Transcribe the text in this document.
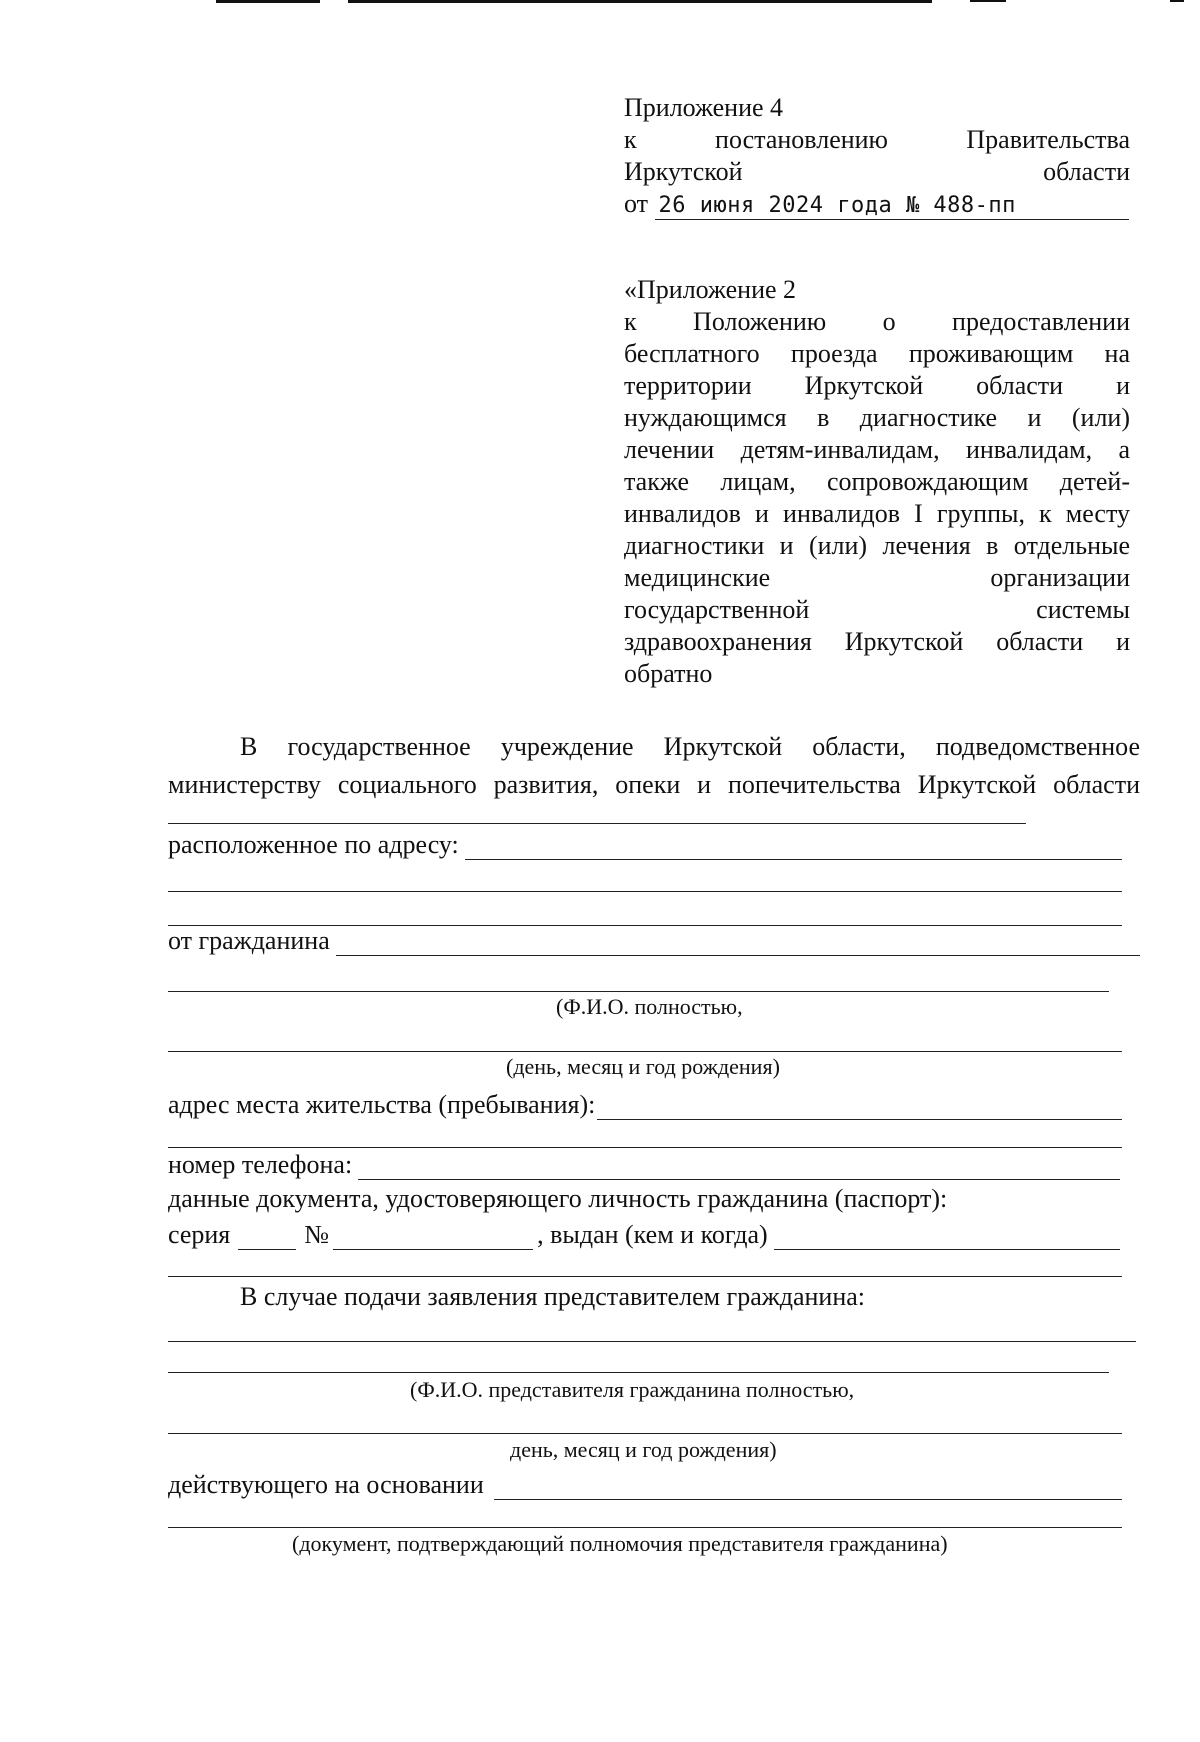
Приложение 4
к	постановлению	Правительства
Иркутской	области
от 26 июня 2024 года № 488-пп
«Приложение 2
к Положению о предоставлении
бесплатного проезда проживающим на
территории Иркутской области и
нуждающимся в диагностике и (или)
лечении детям-инвалидам, инвалидам, а
также лицам, сопровождающим детей-
инвалидов и инвалидов I группы, к месту
диагностики и (или) лечения в отдельные
медицинские организации
государственной системы
здравоохранения Иркутской области и
обратно
В государственное учреждение Иркутской области, подведомственное
министерству социального развития, опеки и попечительства Иркутской области
расположенное по адресу:
от гражданина
(Ф.И.О. полностью,
(день, месяц и год рождения)
адрес места жительства (пребывания):
номер телефона:
данные документа, удостоверяющего личность гражданина (паспорт):
серия	№	, выдан (кем и когда)
В случае подачи заявления представителем гражданина:
(Ф.И.О. представителя гражданина полностью,
день, месяц и год рождения)
действующего на основании
(документ, подтверждающий полномочия представителя гражданина)
